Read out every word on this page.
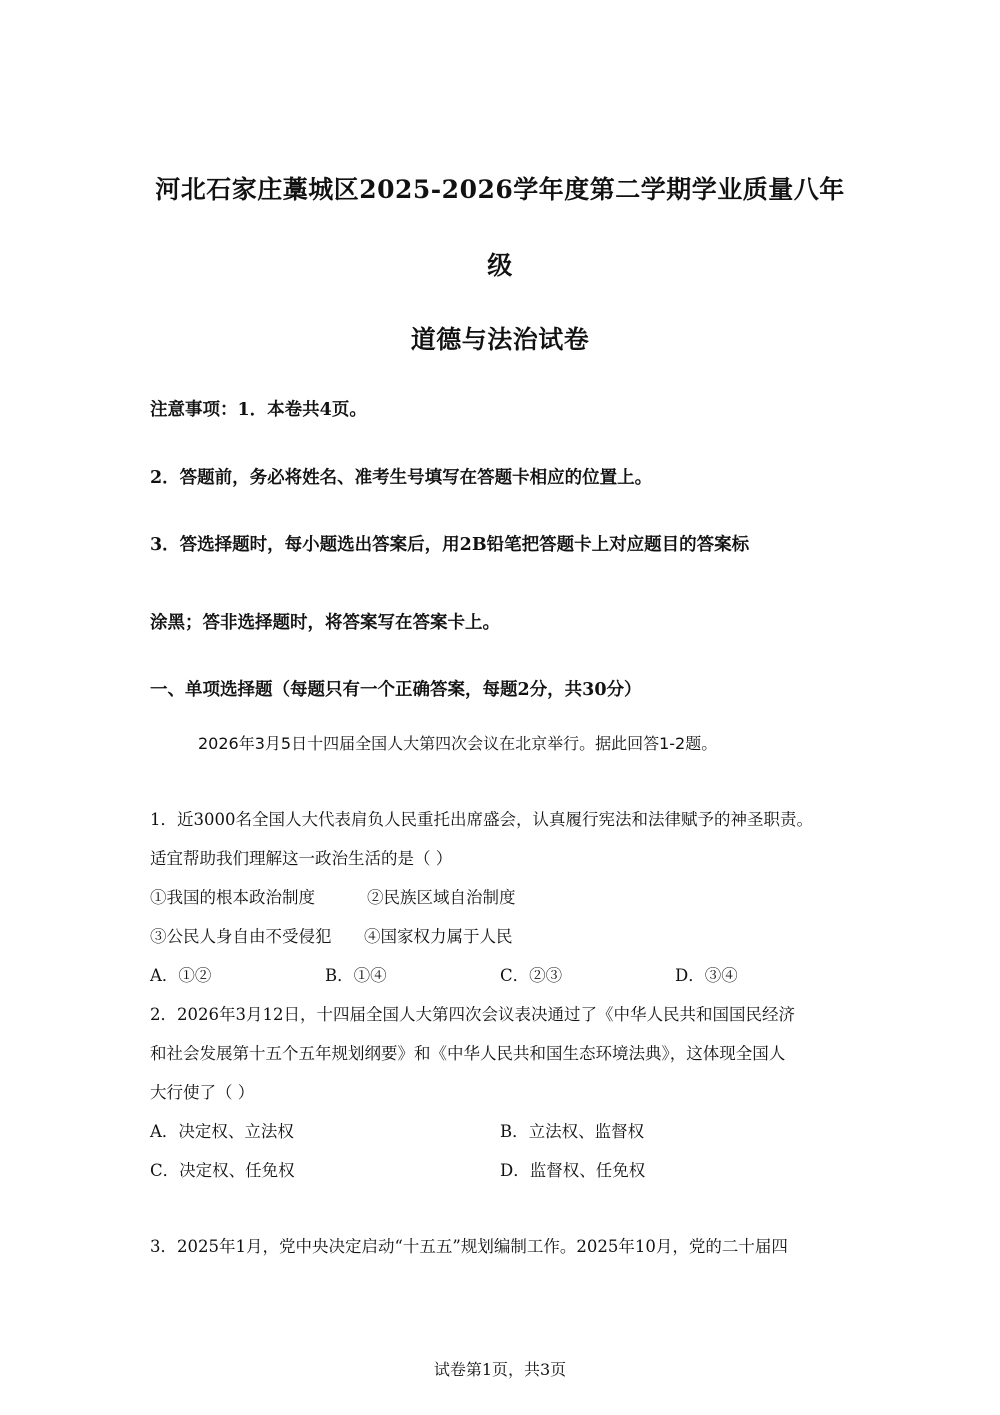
河北石家庄藁城区2025-2026学年度第二学期学业质量八年
级
道德与法治试卷
注意事项：1．本卷共4页。
2．答题前，务必将姓名、准考生号填写在答题卡相应的位置上。
3．答选择题时，每小题选出答案后，用2B铅笔把答题卡上对应题目的答案标
涂黑；答非选择题时，将答案写在答案卡上。
一、单项选择题（每题只有一个正确答案，每题2分，共30分）
2026年3月5日十四届全国人大第四次会议在北京举行。据此回答1-2题。
1．近3000名全国人大代表肩负人民重托出席盛会，认真履行宪法和法律赋予的神圣职责。
适宜帮助我们理解这一政治生活的是（ ）
①我国的根本政治制度	②民族区域自治制度
③公民人身自由不受侵犯 ④国家权力属于人民
A．①②	B．①④	C．②③	D．③④
2．2026年3月12日，十四届全国人大第四次会议表决通过了《中华人民共和国国民经济
和社会发展第十五个五年规划纲要》和《中华人民共和国生态环境法典》，这体现全国人
大行使了（ ）
A．决定权、立法权	B．立法权、监督权
C．决定权、任免权	D．监督权、任免权
3．2025年1月，党中央决定启动“十五五”规划编制工作。2025年10月，党的二十届四
试卷第1页，共3页
